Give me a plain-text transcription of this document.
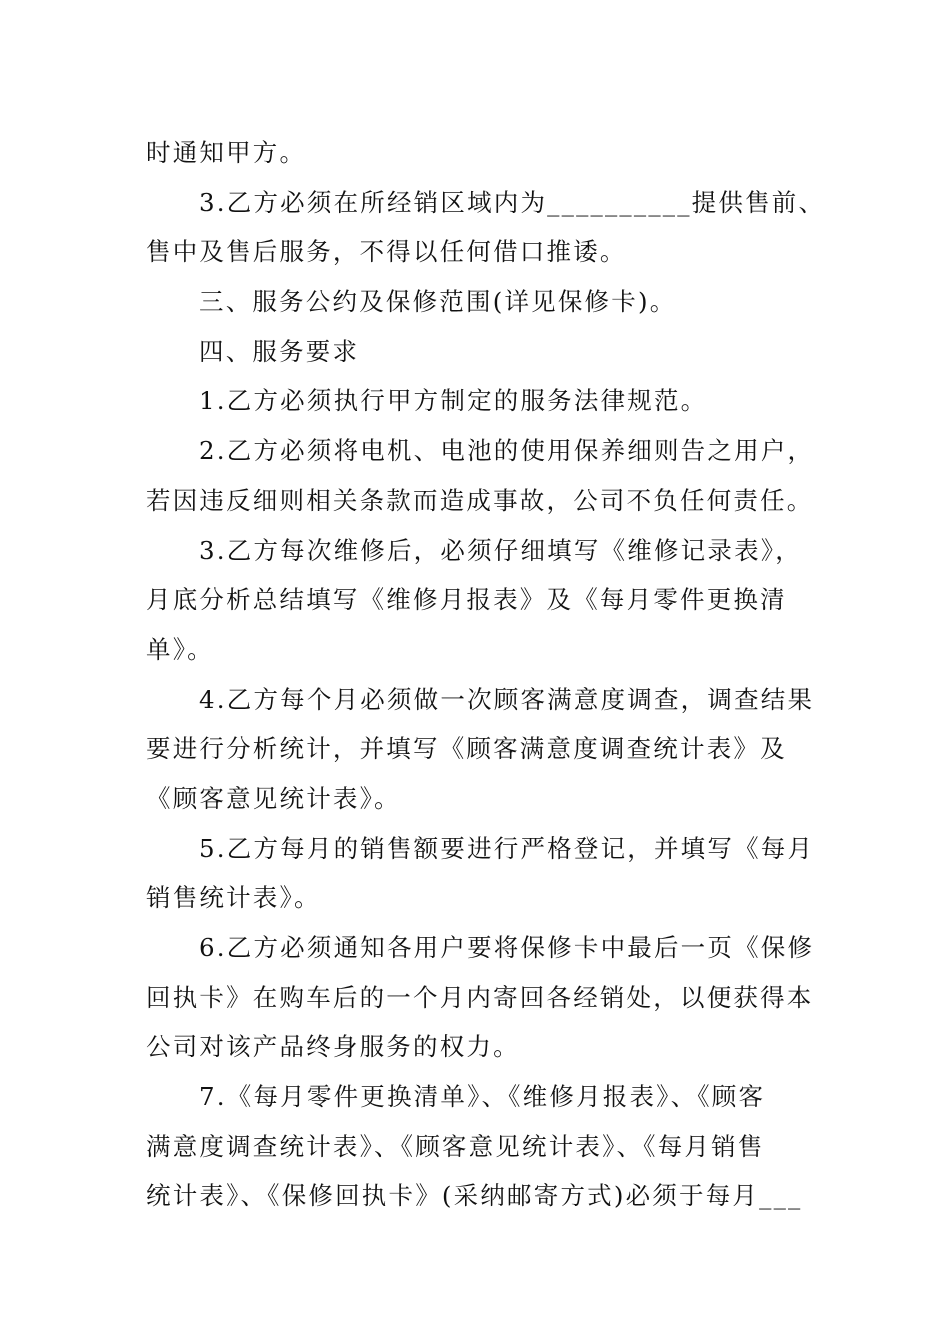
时通知甲方。

3.乙方必须在所经销区域内为__________提供售前、

售中及售后服务，不得以任何借口推诿。

三、服务公约及保修范围(详见保修卡)。

四、服务要求

1.乙方必须执行甲方制定的服务法律规范。

2.乙方必须将电机、电池的使用保养细则告之用户，

若因违反细则相关条款而造成事故，公司不负任何责任。

3.乙方每次维修后，必须仔细填写《维修记录表》，

月底分析总结填写《维修月报表》及《每月零件更换清

单》。

4.乙方每个月必须做一次顾客满意度调查，调查结果

要进行分析统计，并填写《顾客满意度调查统计表》及

《顾客意见统计表》。

5.乙方每月的销售额要进行严格登记，并填写《每月

销售统计表》。

6.乙方必须通知各用户要将保修卡中最后一页《保修

回执卡》在购车后的一个月内寄回各经销处，以便获得本

公司对该产品终身服务的权力。

7.《每月零件更换清单》、《维修月报表》、《顾客

满意度调查统计表》、《顾客意见统计表》、《每月销售

统计表》、《保修回执卡》(采纳邮寄方式)必须于每月___
